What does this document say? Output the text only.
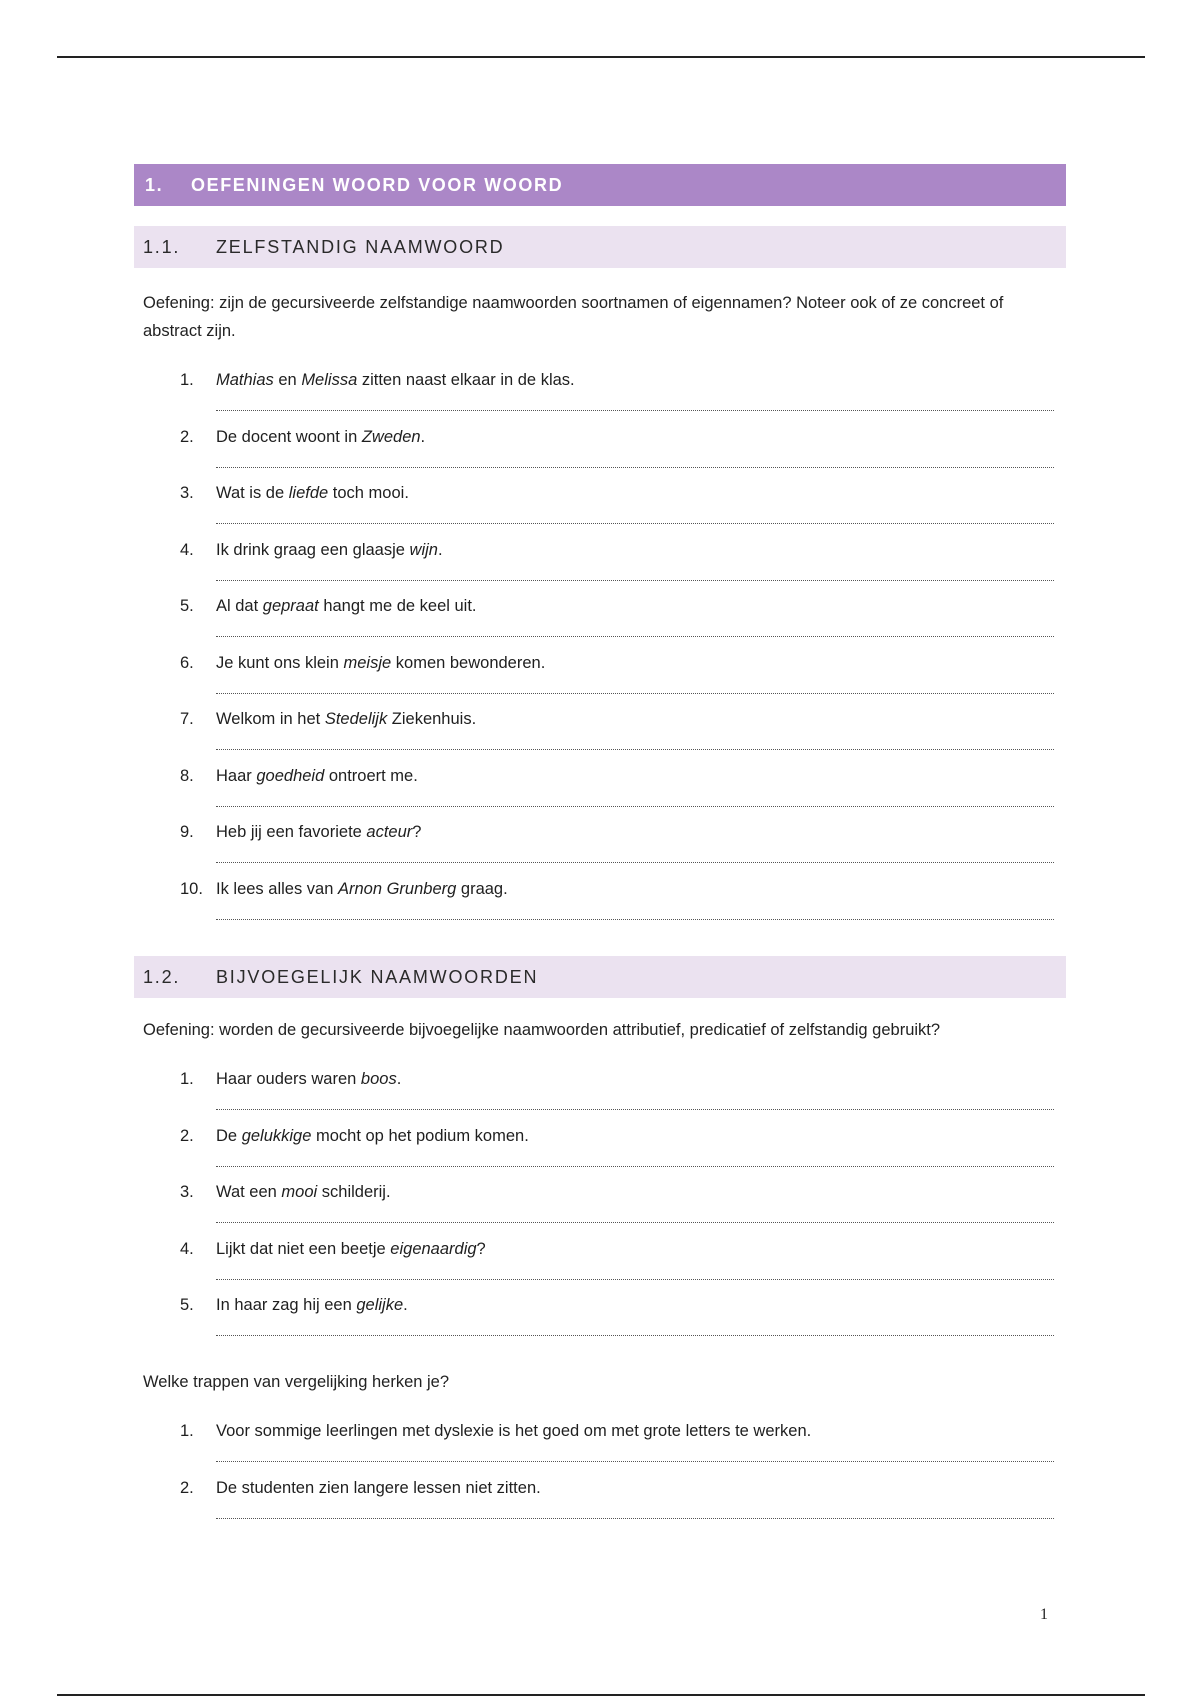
1.	OEFENINGEN WOORD VOOR WOORD
1.1.	ZELFSTANDIG NAAMWOORD

Oefening: zijn de gecursiveerde zelfstandige naamwoorden soortnamen of eigennamen? Noteer ook of ze concreet of abstract zijn.

1.	Mathias en Melissa zitten naast elkaar in de klas.
2.	De docent woont in Zweden.
3.	Wat is de liefde toch mooi.
4.	Ik drink graag een glaasje wijn.
5.	Al dat gepraat hangt me de keel uit.
6.	Je kunt ons klein meisje komen bewonderen.
7.	Welkom in het Stedelijk Ziekenhuis.
8.	Haar goedheid ontroert me.
9.	Heb jij een favoriete acteur?
10. Ik lees alles van Arnon Grunberg graag.
1.2.	BIJVOEGELIJK NAAMWOORDEN

Oefening: worden de gecursiveerde bijvoegelijke naamwoorden attributief, predicatief of zelfstandig gebruikt?

1.	Haar ouders waren boos.
2.	De gelukkige mocht op het podium komen.
3.	Wat een mooi schilderij.
4.	Lijkt dat niet een beetje eigenaardig?
5.	In haar zag hij een gelijke.

Welke trappen van vergelijking herken je?

1.	Voor sommige leerlingen met dyslexie is het goed om met grote letters te werken.
2.	De studenten zien langere lessen niet zitten.
1
